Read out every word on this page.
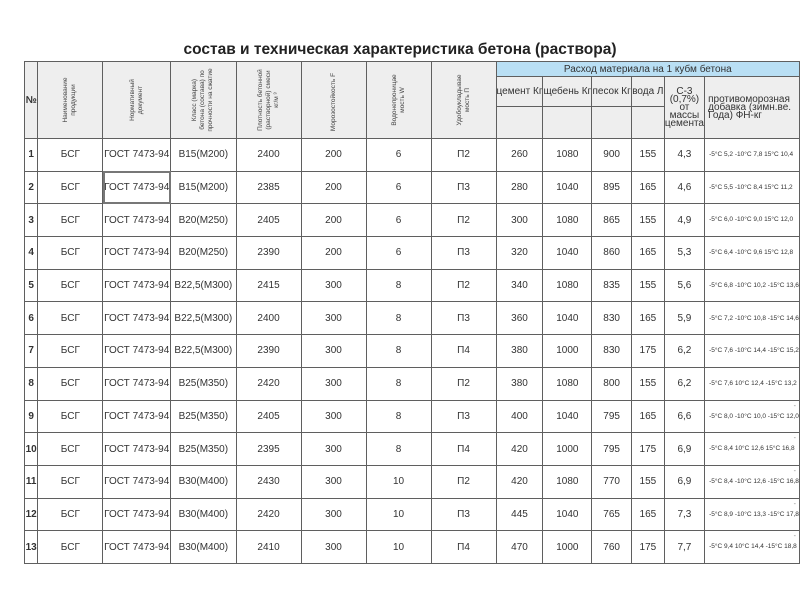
состав и техническая характеристика бетона (раствора)
№	Наименование продукции	Нормативный документ	Класс (марка) бетона (состава) по прочности на сжатие	Плотность бетонной (растворной) смеси кг/м ³	Морозостойкость F	Водонепроницае мость W	Удобоукладывае мость П	Расход материала на 1 кубм бетона					
								цемент Кг	щебень Кг	песок Кг	вода Л	С-3 (0,7%) от массы цемента	противоморозная добавка (зимн.ве. Года) ФН-кг

1	БСГ	ГОСТ 7473-94	В15(М200)	2400	200	6	П2	260	1080	900	155	4,3	-5°С 5,2 -10°С 7,8 15°С 10,4
2	БСГ	ГОСТ 7473-94	В15(М200)	2385	200	6	П3	280	1040	895	165	4,6	-5°С 5,5 -10°С 8,4 15°С 11,2
3	БСГ	ГОСТ 7473-94	В20(М250)	2405	200	6	П2	300	1080	865	155	4,9	-5°С 6,0 -10°С 9,0 15°С 12,0
4	БСГ	ГОСТ 7473-94	В20(М250)	2390	200	6	П3	320	1040	860	165	5,3	-5°С 6,4 -10°С 9,6 15°С 12,8
5	БСГ	ГОСТ 7473-94	В22,5(М300)	2415	300	8	П2	340	1080	835	155	5,6	-5°С 6,8 -10°С 10,2 -15°С 13,6
6	БСГ	ГОСТ 7473-94	В22,5(М300)	2400	300	8	П3	360	1040	830	165	5,9	-5°С 7,2 -10°С 10,8 -15°С 14,6
7	БСГ	ГОСТ 7473-94	В22,5(М300)	2390	300	8	П4	380	1000	830	175	6,2	-5°С 7,6 -10°С 14,4 -15°С 15,2
8	БСГ	ГОСТ 7473-94	В25(М350)	2420	300	8	П2	380	1080	800	155	6,2	-5°С 7,6 10°С 12,4 -15°С 13,2
9	БСГ	ГОСТ 7473-94	В25(М350)	2405	300	8	П3	400	1040	795	165	6,6	-5°С 8,0 -10°С 10,0 -15°С 12,0
-

10	БСГ	ГОСТ 7473-94	В25(М350)	2395	300	8	П4	420	1000	795	175	6,9	-5°С 8,4 10°С 12,6 15°С 16,8
-

11	БСГ	ГОСТ 7473-94	В30(М400)	2430	300	10	П2	420	1080	770	155	6,9	-5°С 8,4 -10°С 12,6 -15°С 16,8
-

12	БСГ	ГОСТ 7473-94	В30(М400)	2420	300	10	П3	445	1040	765	165	7,3	-5°С 8,9 -10°С 13,3 -15°С 17,8
-

13	БСГ	ГОСТ 7473-94	В30(М400)	2410	300	10	П4	470	1000	760	175	7,7	-5°С 9,4 10°С 14,4 -15°С 18,8
-
